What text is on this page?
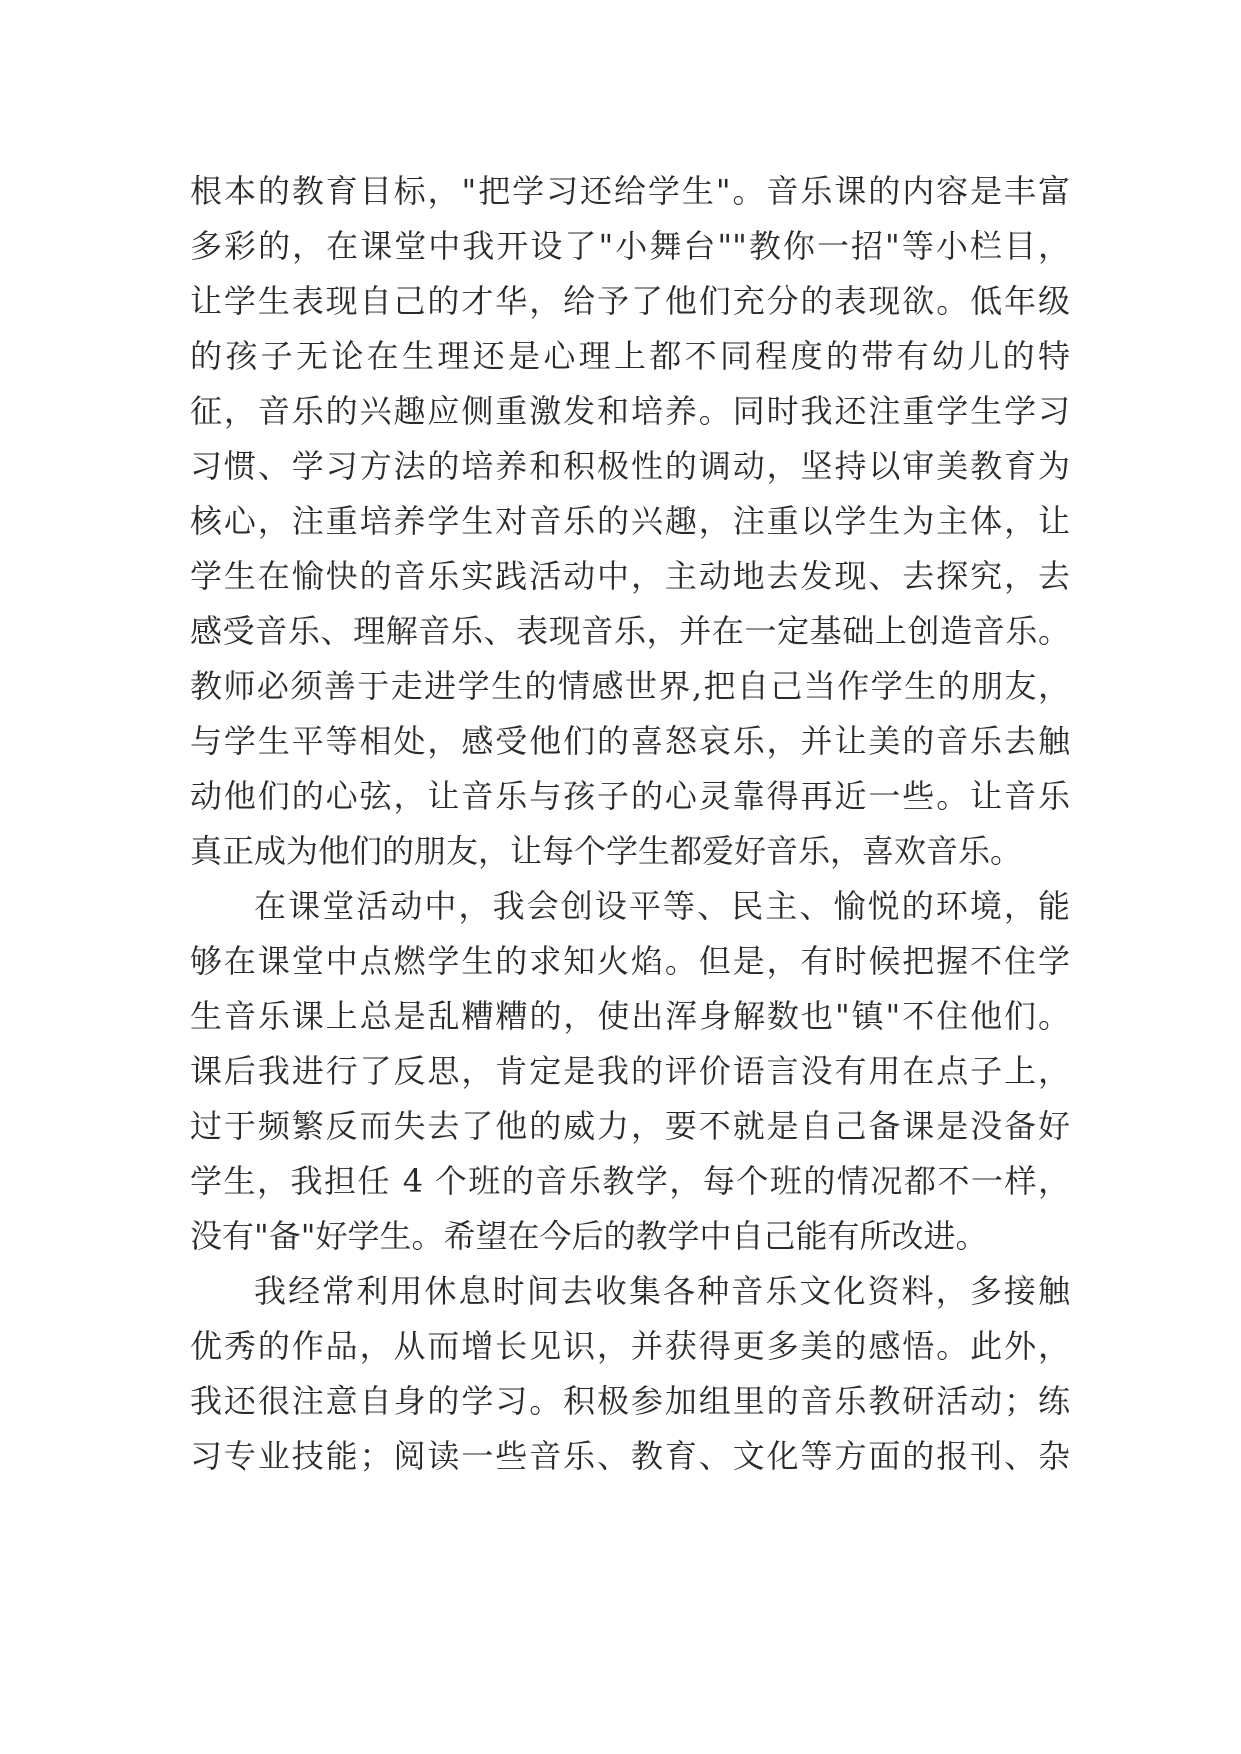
根本的教育目标，"把学习还给学生"。音乐课的内容是丰富
多彩的，在课堂中我开设了"小舞台""教你一招"等小栏目，
让学生表现自己的才华，给予了他们充分的表现欲。低年级
的孩子无论在生理还是心理上都不同程度的带有幼儿的特
征，音乐的兴趣应侧重激发和培养。同时我还注重学生学习
习惯、学习方法的培养和积极性的调动，坚持以审美教育为
核心，注重培养学生对音乐的兴趣，注重以学生为主体，让
学生在愉快的音乐实践活动中，主动地去发现、去探究，去
感受音乐、理解音乐、表现音乐，并在一定基础上创造音乐。
教师必须善于走进学生的情感世界,把自己当作学生的朋友，
与学生平等相处，感受他们的喜怒哀乐，并让美的音乐去触
动他们的心弦，让音乐与孩子的心灵靠得再近一些。让音乐
真正成为他们的朋友，让每个学生都爱好音乐，喜欢音乐。
在课堂活动中，我会创设平等、民主、愉悦的环境，能
够在课堂中点燃学生的求知火焰。但是，有时候把握不住学
生音乐课上总是乱糟糟的，使出浑身解数也"镇"不住他们。
课后我进行了反思，肯定是我的评价语言没有用在点子上，
过于频繁反而失去了他的威力，要不就是自己备课是没备好
学生，我担任 4 个班的音乐教学，每个班的情况都不一样，
没有"备"好学生。希望在今后的教学中自己能有所改进。
我经常利用休息时间去收集各种音乐文化资料，多接触
优秀的作品，从而增长见识，并获得更多美的感悟。此外，
我还很注意自身的学习。积极参加组里的音乐教研活动；练
习专业技能；阅读一些音乐、教育、文化等方面的报刊、杂
